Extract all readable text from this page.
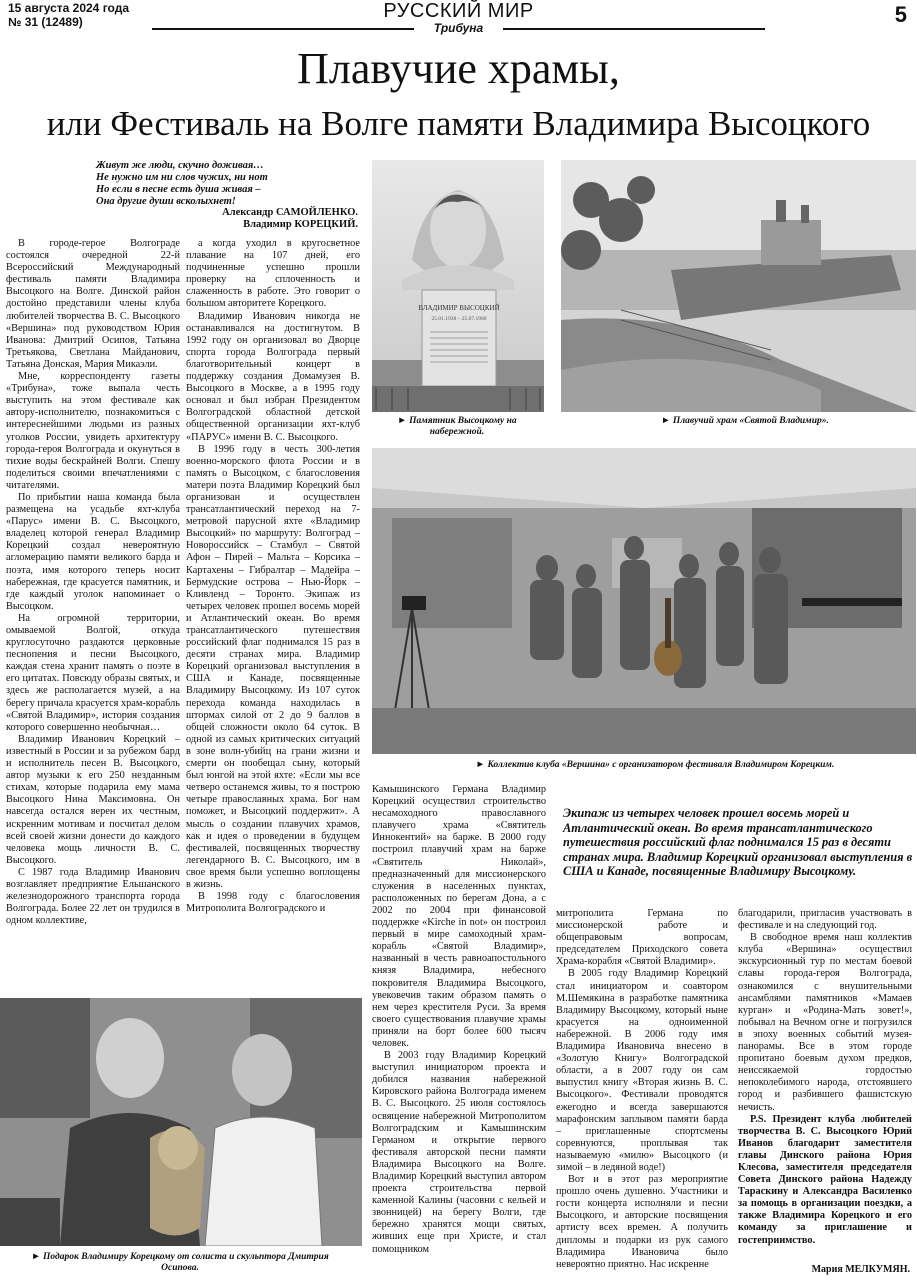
15 августа 2024 года
№ 31 (12489)	РУССКИЙ МИР
Трибуна
5
Плавучие храмы,
или Фестиваль на Волге памяти Владимира Высоцкого
Живут же люди, скучно доживая…
Не нужно им ни слов чужих, ни нот
Но если в песне есть душа живая –
Она другие души всколыхнет!
Александр САМОЙЛЕНКО.
Владимир КОРЕЦКИЙ.

В городе-герое Волгограде состоялся очередной 22-й Всероссийский Международный фестиваль памяти Владимира Высоцкого на Волге. Динской район достойно представили члены клуба любителей творчества В. С. Высоцкого «Вершина» под руководством Юрия Иванова: Дмитрий Осипов, Татьяна Третьякова, Светлана Майданович, Татьяна Донская, Мария Микаэли.

Мне, корреспонденту газеты «Трибуна», тоже выпала честь выступить на этом фестивале как автору-исполнителю, познакомиться с интереснейшими людьми из разных уголков России, увидеть архитектуру города-героя Волгограда и окунуться в тихие воды бескрайней Волги. Спешу поделиться своими впечатлениями с читателями.

По прибытии наша команда была размещена на усадьбе яхт-клуба «Парус» имени В. С. Высоцкого, владелец которой генерал Владимир Корецкий создал невероятную агломерацию памяти великого барда и поэта, имя которого теперь носит набережная, где красуется памятник, и где каждый уголок напоминает о Высоцком.

На огромной территории, омываемой Волгой, откуда круглосуточно раздаются церковные песнопения и песни Высоцкого, каждая стена хранит память о поэте в его цитатах. Повсюду образы святых, и здесь же располагается музей, а на берегу причала красуется храм-корабль «Святой Владимир», история создания которого совершенно необычная…

Владимир Иванович Корецкий – известный в России и за рубежом бард и исполнитель песен В. Высоцкого, автор музыки к его 250 незданным стихам, которые подарила ему мама Высоцкого Нина Максимовна. Он навсегда остался верен их честным, искренним мотивам и посчитал делом всей своей жизни донести до каждого человека мощь личности В. С. Высоцкого.

С 1987 года Владимир Иванович возглавляет предприятие Ельшанского железнодорожного транспорта города Волгограда. Более 22 лет он трудился в одном коллективе,

а когда уходил в кругосветное плавание на 107 дней, его подчиненные успешно прошли проверку на сплоченность и слаженность в работе. Это говорит о большом авторитете Корецкого.

Владимир Иванович никогда не останавливался на достигнутом. В 1992 году он организовал во Дворце спорта города Волгограда первый благотворительный концерт в поддержку создания Домамузея В. Высоцкого в Москве, а в 1995 году основал и был избран Президентом Волгоградской областной детской общественной организации яхт-клуб «ПАРУС» имени В. С. Высоцкого.

В 1996 году в честь 300-летия военно-морского флота России и в память о Высоцком, с благословения матери поэта Владимир Корецкий был организован и осуществлен трансатлантический переход на 7-метровой парусной яхте «Владимир Высоцкий» по маршруту: Волгоград – Новороссийск – Стамбул – Святой Афон – Пирей – Мальта – Корсика – Картахены – Гибралтар – Мадейра – Бермудские острова – Нью-Йорк – Кливленд – Торонто. Экипаж из четырех человек прошел восемь морей и Атлантический океан. Во время трансатлантического путешествия российский флаг поднимался 15 раз в десяти странах мира. Владимир Корецкий организовал выступления в США и Канаде, посвященные Владимиру Высоцкому. Из 107 суток перехода команда находилась в штормах силой от 2 до 9 баллов в общей сложности около 64 суток. В одной из самых критических ситуаций в зоне волн-убийц на грани жизни и смерти он пообещал сыну, который был юнгой на этой яхте: «Если мы все четверо останемся живы, то я построю четыре православных храма. Бог нам поможет, и Высоцкий поддержит». А мысль о создании плавучих храмов, как и идея о проведении в будущем фестивалей, посвященных творчеству легендарного В. С. Высоцкого, им в свое время были успешно воплощены в жизнь.

В 1998 году с благословения Митрополита Волгоградского и

ВЛАДИМИР ВЫСОЦКИЙ
25.01.1938 – 25.07.1980
► Памятник Высоцкому на набережной.
► Плавучий храм «Святой Владимир».
► Коллектив клуба «Вершина» с организатором фестиваля Владимиром Корецким.
Экипаж из четырех человек прошел восемь морей и Атлантический океан. Во время трансатлантического путешествия российский флаг поднимался 15 раз в десяти странах мира. Владимир Корецкий организовал выступления в США и Канаде, посвященные Владимиру Высоцкому.

Камышинского Германа Владимир Корецкий осуществил строительство несамоходного православного плавучего храма «Святитель Иннокентий» на барже. В 2000 году построил плавучий храм на барже «Святитель Николай», предназначенный для миссионерского служения в населенных пунктах, расположенных по берегам Дона, а с 2002 по 2004 при финансовой поддержке «Kirche in not» он построил первый в мире самоходный храм-корабль «Святой Владимир», названный в честь равноапостольного князя Владимира, небесного покровителя Владимира Высоцкого, увековечив таким образом память о нем через крестителя Руси. За время своего существования плавучие храмы приняли на борт более 600 тысяч человек.

В 2003 году Владимир Корецкий выступил инициатором проекта и добился названия набережной Кировского района Волгограда именем В. С. Высоцкого. 25 июля состоялось освящение набережной Митрополитом Волгоградским и Камышинским Германом и открытие первого фестиваля авторской песни памяти Владимира Высоцкого на Волге. Владимир Корецкий выступил автором проекта строительства первой каменной Калины (часовни с кельей и звонницей) на берегу Волги, где бережно хранятся мощи святых, живших еще при Христе, и стал помощником

митрополита Германа по миссионерской работе и общеправовым вопросам, председателем Приходского совета Храма-корабля «Святой Владимир».

В 2005 году Владимир Корецкий стал инициатором и соавтором М.Шемякина в разработке памятника Владимиру Высоцкому, который ныне красуется на одноименной набережной. В 2006 году имя Владимира Ивановича внесено в «Золотую Книгу» Волгоградской области, а в 2007 году он сам выпустил книгу «Вторая жизнь В. С. Высоцкого». Фестивали проводятся ежегодно и всегда завершаются марафонским заплывом памяти барда – приглашенные спортсмены соревнуются, проплывая так называемую «милю» Высоцкого (и зимой – в ледяной воде!)

Вот и в этот раз мероприятие прошло очень душевно. Участники и гости концерта исполняли и песни Высоцкого, и авторские посвящения артисту всех времен. А получить дипломы и подарки из рук самого Владимира Ивановича было невероятно приятно. Нас искренне

благодарили, пригласив участвовать в фестивале и на следующий год.

В свободное время наш коллектив клуба «Вершина» осуществил экскурсионный тур по местам боевой славы города-героя Волгограда, ознакомился с внушительными ансамблями памятников «Мамаев курган» и «Родина-Мать зовет!», побывал на Вечном огне и погрузился в эпоху военных событий музея-панорамы. Все в этом городе пропитано боевым духом предков, неиссякаемой гордостью непоколебимого народа, отстоявшего город и разбившего фашистскую нечисть.

P.S. Президент клуба любителей творчества В. С. Высоцкого Юрий Иванов благодарит заместителя главы Динского района Юрия Клесова, заместителя председателя Совета Динского района Надежду Тараскину и Александра Василенко за помощь в организации поездки, а также Владимира Корецкого и его команду за приглашение и гостеприимство.

Мария МЕЛКУМЯН.
► Подарок Владимиру Корецкому от солиста и скульптора Дмитрия Осипова.
